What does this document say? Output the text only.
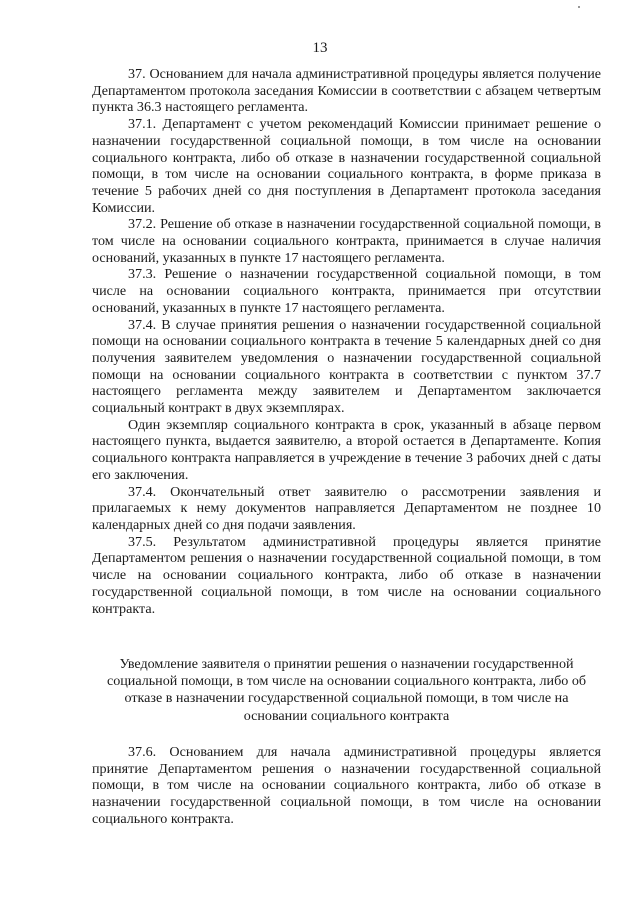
13

37. Основанием для начала административной процедуры является получение Департаментом протокола заседания Комиссии в соответствии с абзацем четвертым пункта 36.3 настоящего регламента.

37.1. Департамент с учетом рекомендаций Комиссии принимает решение о назначении государственной социальной помощи, в том числе на основании социального контракта, либо об отказе в назначении государственной социальной помощи, в том числе на основании социального контракта, в форме приказа в течение 5 рабочих дней со дня поступления в Департамент протокола заседания Комиссии.

37.2. Решение об отказе в назначении государственной социальной помощи, в том числе на основании социального контракта, принимается в случае наличия оснований, указанных в пункте 17 настоящего регламента.

37.3. Решение о назначении государственной социальной помощи, в том числе на основании социального контракта, принимается при отсутствии оснований, указанных в пункте 17 настоящего регламента.

37.4. В случае принятия решения о назначении государственной социальной помощи на основании социального контракта в течение 5 календарных дней со дня получения заявителем уведомления о назначении государственной социальной помощи на основании социального контракта в соответствии с пунктом 37.7 настоящего регламента между заявителем и Департаментом заключается социальный контракт в двух экземплярах.

Один экземпляр социального контракта в срок, указанный в абзаце первом настоящего пункта, выдается заявителю, а второй остается в Департаменте. Копия социального контракта направляется в учреждение в течение 3 рабочих дней с даты его заключения.

37.4. Окончательный ответ заявителю о рассмотрении заявления и прилагаемых к нему документов направляется Департаментом не позднее 10 календарных дней со дня подачи заявления.

37.5. Результатом административной процедуры является принятие Департаментом решения о назначении государственной социальной помощи, в том числе на основании социального контракта, либо об отказе в назначении государственной социальной помощи, в том числе на основании социального контракта.

Уведомление заявителя о принятии решения о назначении государственной социальной помощи, в том числе на основании социального контракта, либо об отказе в назначении государственной социальной помощи, в том числе на основании социального контракта

37.6. Основанием для начала административной процедуры является принятие Департаментом решения о назначении государственной социальной помощи, в том числе на основании социального контракта, либо об отказе в назначении государственной социальной помощи, в том числе на основании социального контракта.
